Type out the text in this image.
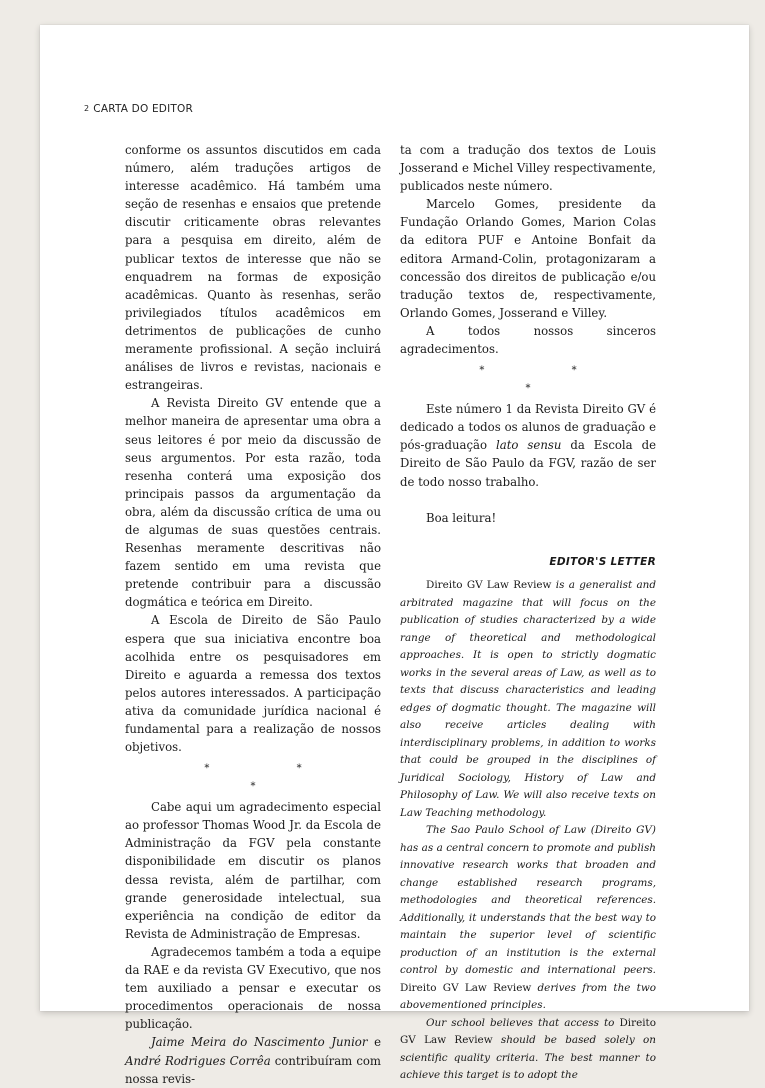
2 CARTA DO EDITOR

conforme os assuntos discutidos em cada número, além traduções artigos de interesse acadêmico. Há também uma seção de resenhas e ensaios que pretende discutir criticamente obras relevantes para a pesquisa em direito, além de publicar textos de interesse que não se enquadrem na formas de exposição acadêmicas. Quanto às resenhas, serão privilegiados títulos acadêmicos em detrimentos de publicações de cunho meramente profissional. A seção incluirá análises de livros e revistas, nacionais e estrangeiras.

A Revista Direito GV entende que a melhor maneira de apresentar uma obra a seus leitores é por meio da discussão de seus argumentos. Por esta razão, toda resenha conterá uma exposição dos principais passos da argumentação da obra, além da discussão crítica de uma ou de algumas de suas questões centrais. Resenhas meramente descritivas não fazem sentido em uma revista que pretende contribuir para a discussão dogmática e teórica em Direito.

A Escola de Direito de São Paulo espera que sua iniciativa encontre boa acolhida entre os pesquisadores em Direito e aguarda a remessa dos textos pelos autores interessados. A participação ativa da comunidade jurídica nacional é fundamental para a realização de nossos objetivos.

* * *

Cabe aqui um agradecimento especial ao professor Thomas Wood Jr. da Escola de Administração da FGV pela constante disponibilidade em discutir os planos dessa revista, além de partilhar, com grande generosidade intelectual, sua experiência na condição de editor da Revista de Administração de Empresas.

Agradecemos também a toda a equipe da RAE e da revista GV Executivo, que nos tem auxiliado a pensar e executar os procedimentos operacionais de nossa publicação.

Jaime Meira do Nascimento Junior e André Rodrigues Corrêa contribuíram com nossa revis-

ta com a tradução dos textos de Louis Josserand e Michel Villey respectivamente, publicados neste número.

Marcelo Gomes, presidente da Fundação Orlando Gomes, Marion Colas da editora PUF e Antoine Bonfait da editora Armand-Colin, protagonizaram a concessão dos direitos de publicação e/ou tradução textos de, respectivamente, Orlando Gomes, Josserand e Villey.

A todos nossos sinceros agradecimentos.

* * *

Este número 1 da Revista Direito GV é dedicado a todos os alunos de graduação e pós-graduação lato sensu da Escola de Direito de São Paulo da FGV, razão de ser de todo nosso trabalho.

Boa leitura!

EDITOR'S LETTER

Direito GV Law Review is a generalist and arbitrated magazine that will focus on the publication of studies characterized by a wide range of theoretical and methodological approaches. It is open to strictly dogmatic works in the several areas of Law, as well as to texts that discuss characteristics and leading edges of dogmatic thought. The magazine will also receive articles dealing with interdisciplinary problems, in addition to works that could be grouped in the disciplines of Juridical Sociology, History of Law and Philosophy of Law. We will also receive texts on Law Teaching methodology.

The Sao Paulo School of Law (Direito GV) has as a central concern to promote and publish innovative research works that broaden and change established research programs, methodologies and theoretical references. Additionally, it understands that the best way to maintain the superior level of scientific production of an institution is the external control by domestic and international peers. Direito GV Law Review derives from the two abovementioned principles.

Our school believes that access to Direito GV Law Review should be based solely on scientific quality criteria. The best manner to achieve this target is to adopt the
